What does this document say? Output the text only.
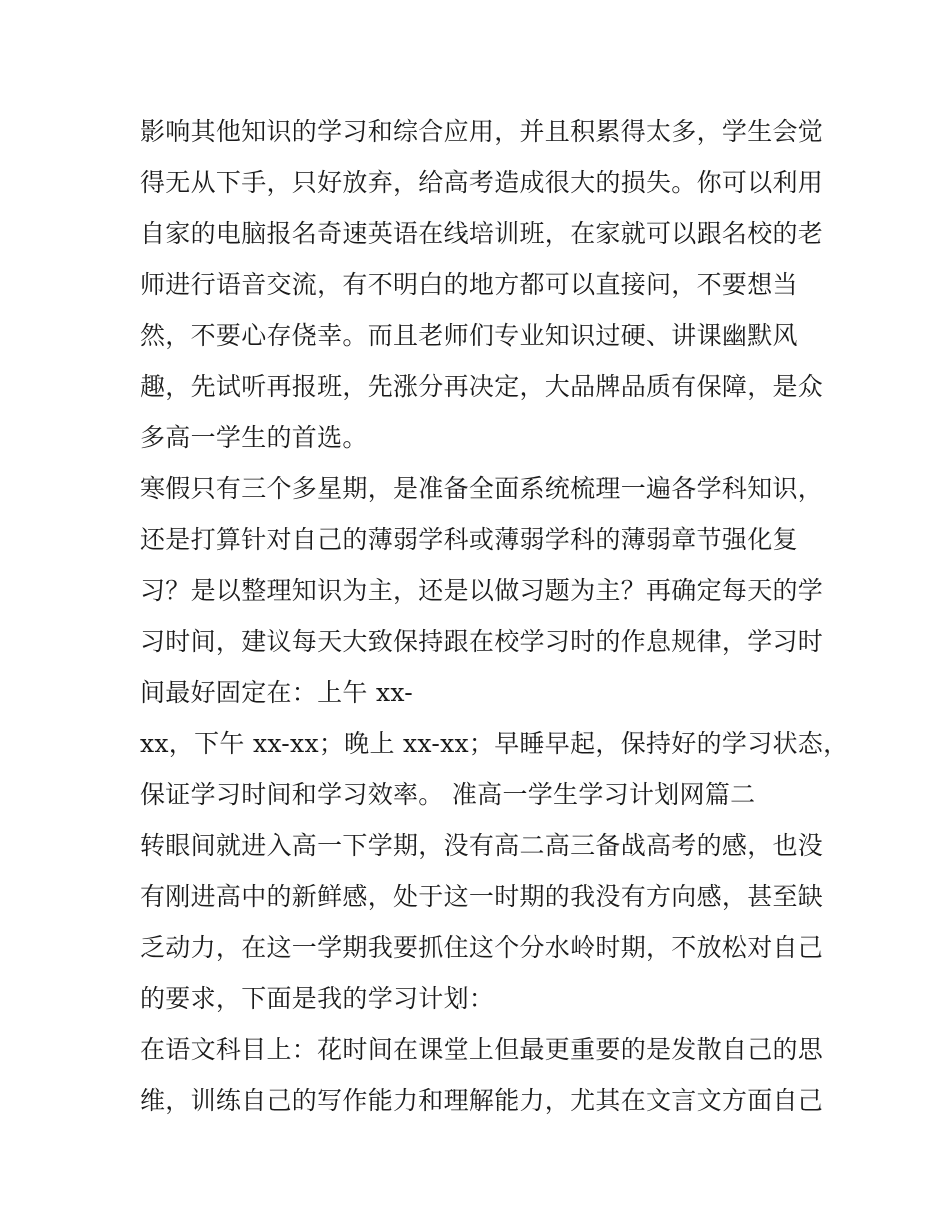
影响其他知识的学习和综合应用，并且积累得太多，学生会觉
得无从下手，只好放弃，给高考造成很大的损失。你可以利用
自家的电脑报名奇速英语在线培训班，在家就可以跟名校的老
师进行语音交流，有不明白的地方都可以直接问，不要想当
然，不要心存侥幸。而且老师们专业知识过硬、讲课幽默风
趣，先试听再报班，先涨分再决定，大品牌品质有保障，是众
多高一学生的首选。
寒假只有三个多星期，是准备全面系统梳理一遍各学科知识，
还是打算针对自己的薄弱学科或薄弱学科的薄弱章节强化复
习？是以整理知识为主，还是以做习题为主？再确定每天的学
习时间，建议每天大致保持跟在校学习时的作息规律，学习时
间最好固定在：上午 xx-
xx，下午 xx-xx；晚上 xx-xx；早睡早起，保持好的学习状态，
保证学习时间和学习效率。 准高一学生学习计划网篇二
转眼间就进入高一下学期，没有高二高三备战高考的感，也没
有刚进高中的新鲜感，处于这一时期的我没有方向感，甚至缺
乏动力，在这一学期我要抓住这个分水岭时期，不放松对自己
的要求，下面是我的学习计划：
在语文科目上：花时间在课堂上但最更重要的是发散自己的思
维，训练自己的写作能力和理解能力，尤其在文言文方面自己
